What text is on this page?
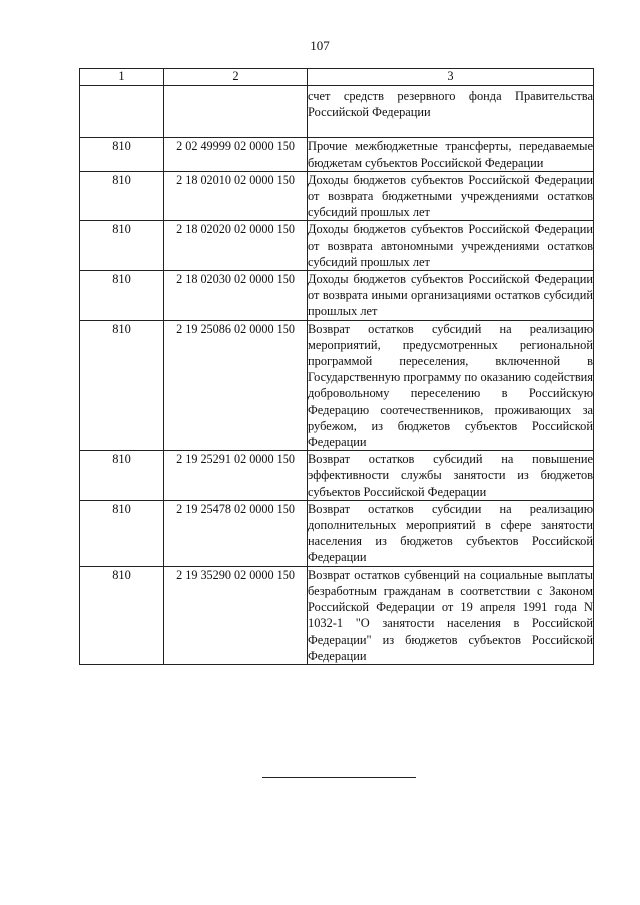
107
1	2	3
		счет средств резервного фонда Правительства Российской Федерации
810	2 02 49999 02 0000 150	Прочие межбюджетные трансферты, передаваемые бюджетам субъектов Российской Федерации
810	2 18 02010 02 0000 150	Доходы бюджетов субъектов Российской Федерации от возврата бюджетными учреждениями остатков субсидий прошлых лет
810	2 18 02020 02 0000 150	Доходы бюджетов субъектов Российской Федерации от возврата автономными учреждениями остатков субсидий прошлых лет
810	2 18 02030 02 0000 150	Доходы бюджетов субъектов Российской Федерации от возврата иными организациями остатков субсидий прошлых лет
810	2 19 25086 02 0000 150	Возврат остатков субсидий на реализацию мероприятий, предусмотренных региональной программой переселения, включенной в Государственную программу по оказанию содействия добровольному переселению в Российскую Федерацию соотечественников, проживающих за рубежом, из бюджетов субъектов Российской Федерации
810	2 19 25291 02 0000 150	Возврат остатков субсидий на повышение эффективности службы занятости из бюджетов субъектов Российской Федерации
810	2 19 25478 02 0000 150	Возврат остатков субсидии на реализацию дополнительных мероприятий в сфере занятости населения из бюджетов субъектов Российской Федерации
810	2 19 35290 02 0000 150	Возврат остатков субвенций на социальные выплаты безработным гражданам в соответствии с Законом Российской Федерации от 19 апреля 1991 года N 1032-1 "О занятости населения в Российской Федерации" из бюджетов субъектов Российской Федерации
